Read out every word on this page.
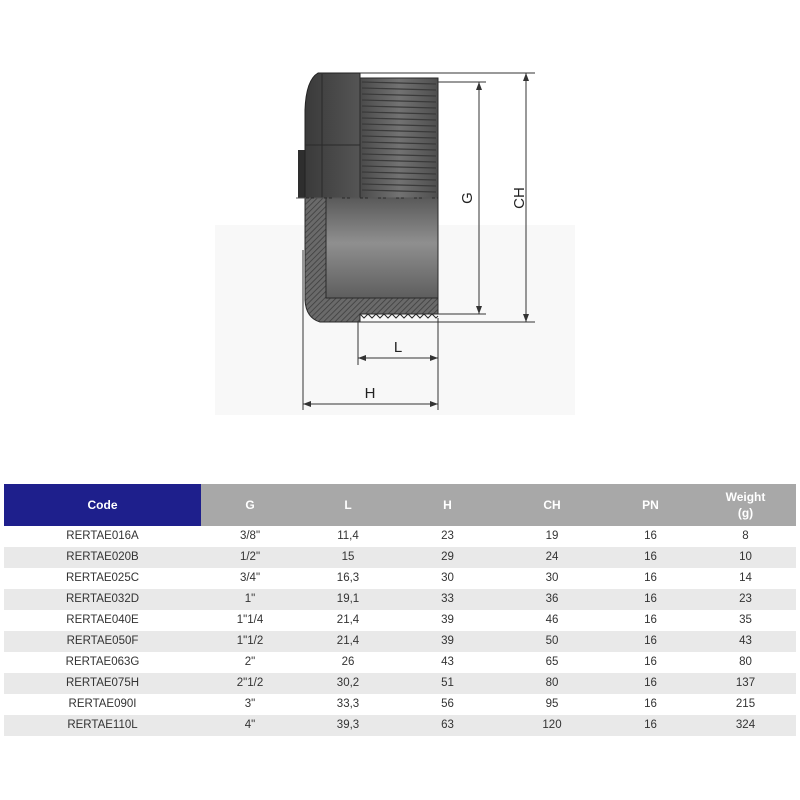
G CH
L
H
Code	G	L	H	CH	PN	Weight
(g)
RERTAE016A	3/8"	11,4	23	19	16	8
RERTAE020B	1/2"	15	29	24	16	10
RERTAE025C	3/4"	16,3	30	30	16	14
RERTAE032D	1"	19,1	33	36	16	23
RERTAE040E	1"1/4	21,4	39	46	16	35
RERTAE050F	1"1/2	21,4	39	50	16	43
RERTAE063G	2"	26	43	65	16	80
RERTAE075H	2"1/2	30,2	51	80	16	137
RERTAE090I	3"	33,3	56	95	16	215
RERTAE110L	4"	39,3	63	120	16	324
